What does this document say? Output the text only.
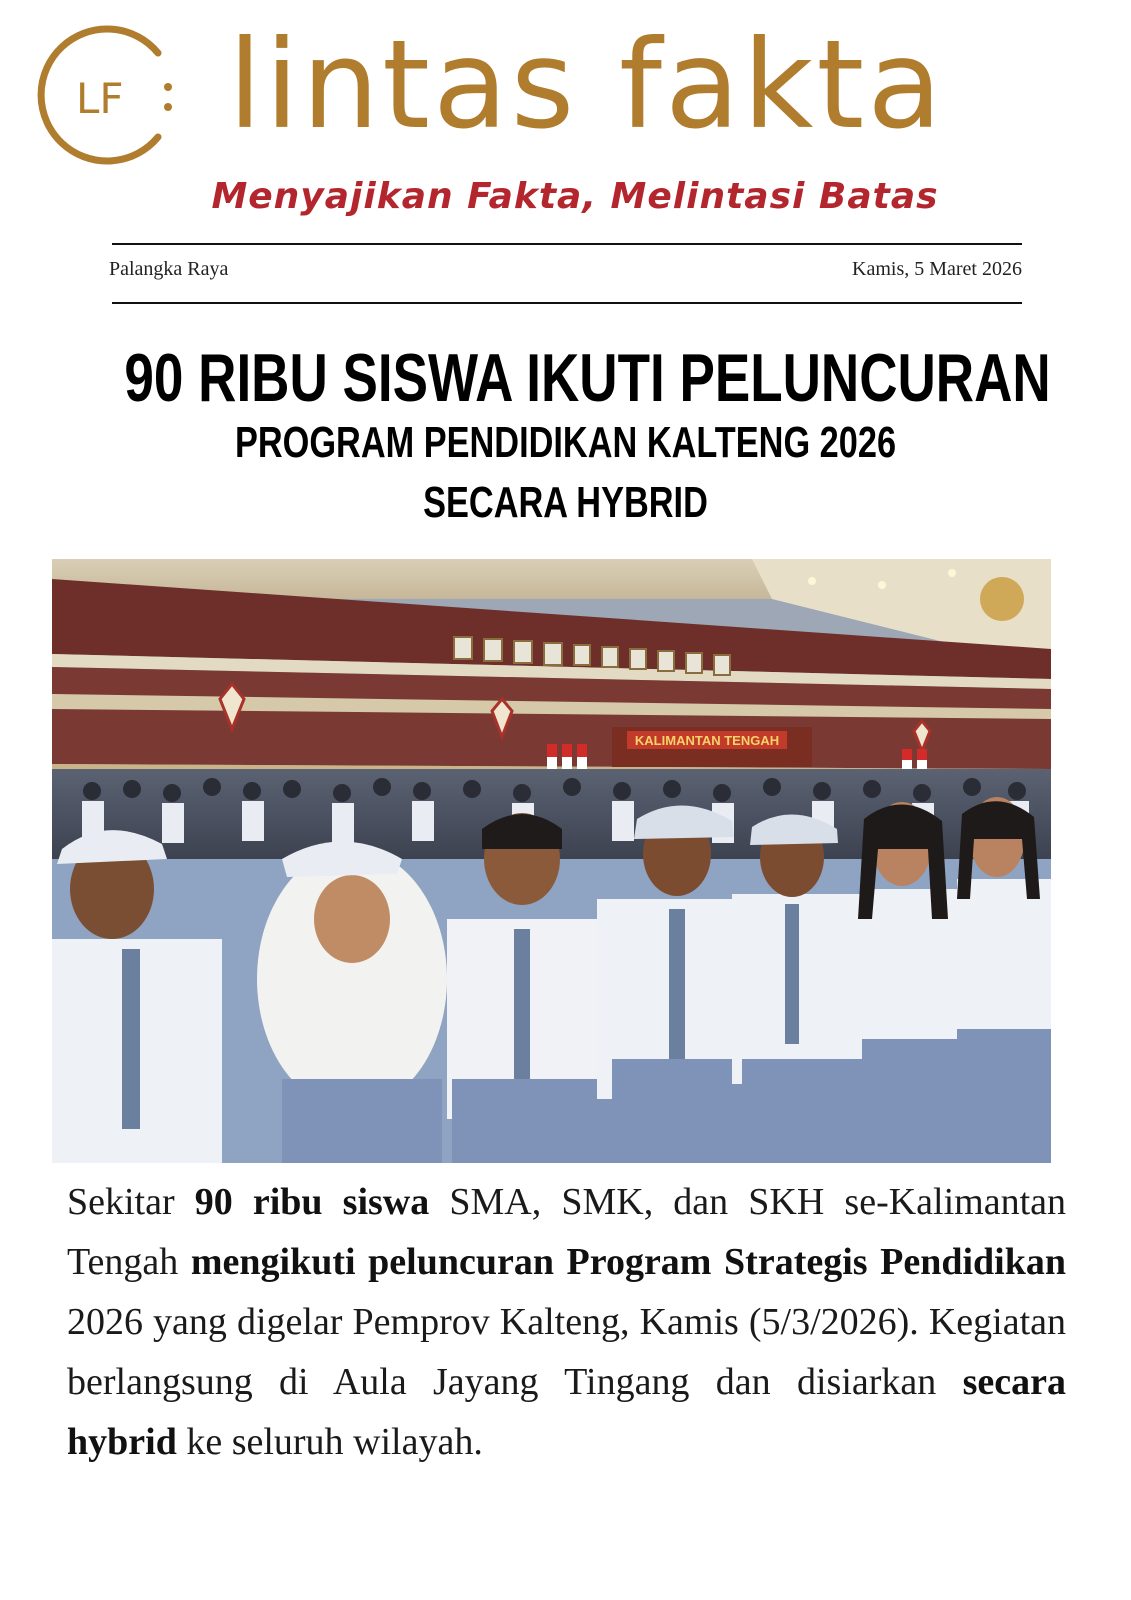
LF lintas fakta
Menyajikan Fakta, Melintasi Batas
Palangka Raya	Kamis, 5 Maret 2026
90 RIBU SISWA IKUTI PELUNCURAN
PROGRAM PENDIDIKAN KALTENG 2026
SECARA HYBRID
KALIMANTAN TENGAH
Sekitar 90 ribu siswa SMA, SMK, dan SKH se-Kalimantan Tengah mengikuti peluncuran Program Strategis Pendidikan 2026 yang digelar Pemprov Kalteng, Kamis (5/3/2026). Kegiatan berlangsung di Aula Jayang Tingang dan disiarkan secara hybrid ke seluruh wilayah.
